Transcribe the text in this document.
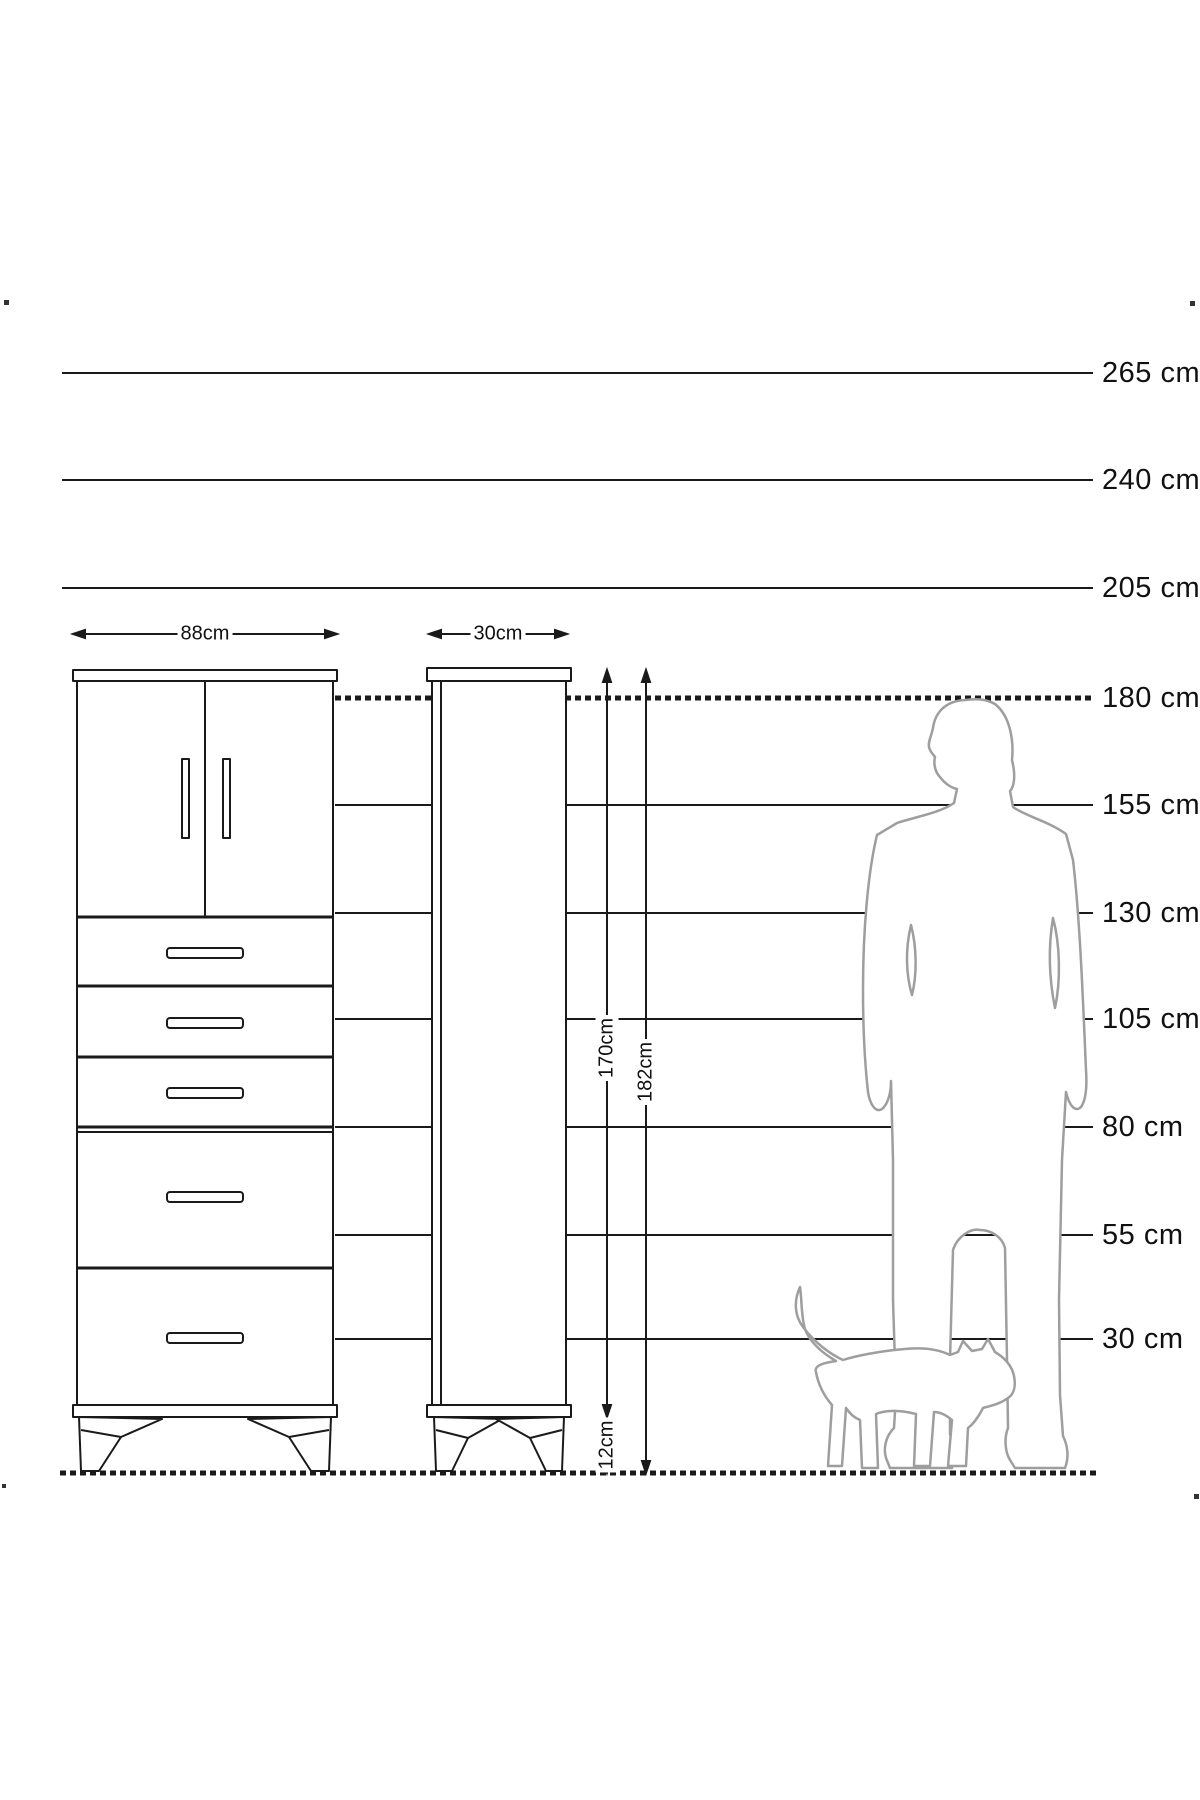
265 cm
240 cm
205 cm
180 cm
155 cm
130 cm
105 cm
80 cm
55 cm
30 cm
88cm	30cm
170cm 182cm
12cm
